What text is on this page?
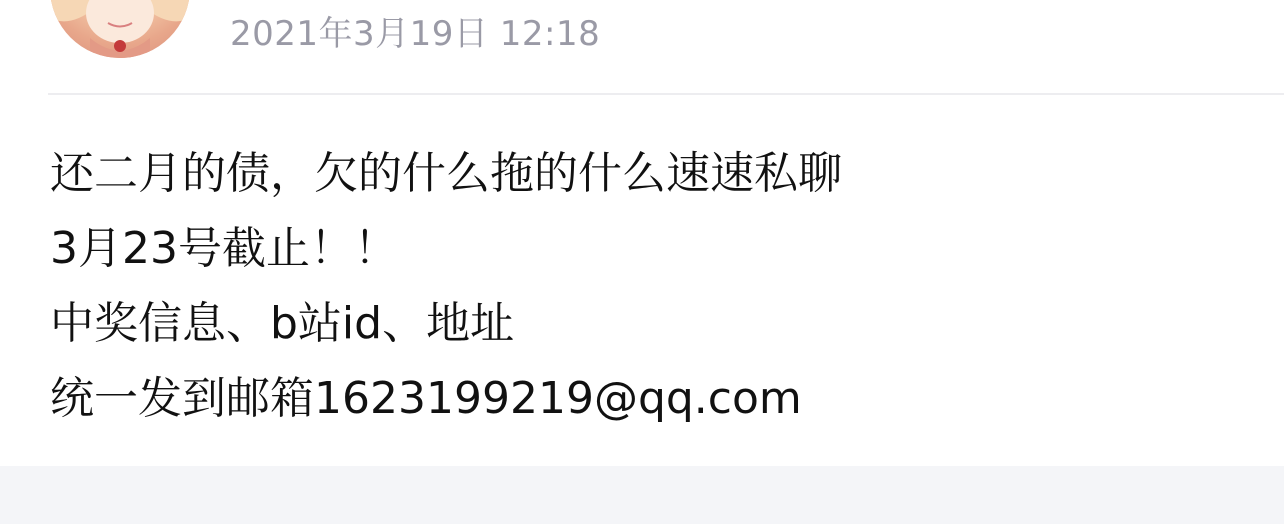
2021年3月19日 12:18
还二月的债，欠的什么拖的什么速速私聊
3月23号截止！！
中奖信息、b站id、地址
统一发到邮箱1623199219@qq.com
